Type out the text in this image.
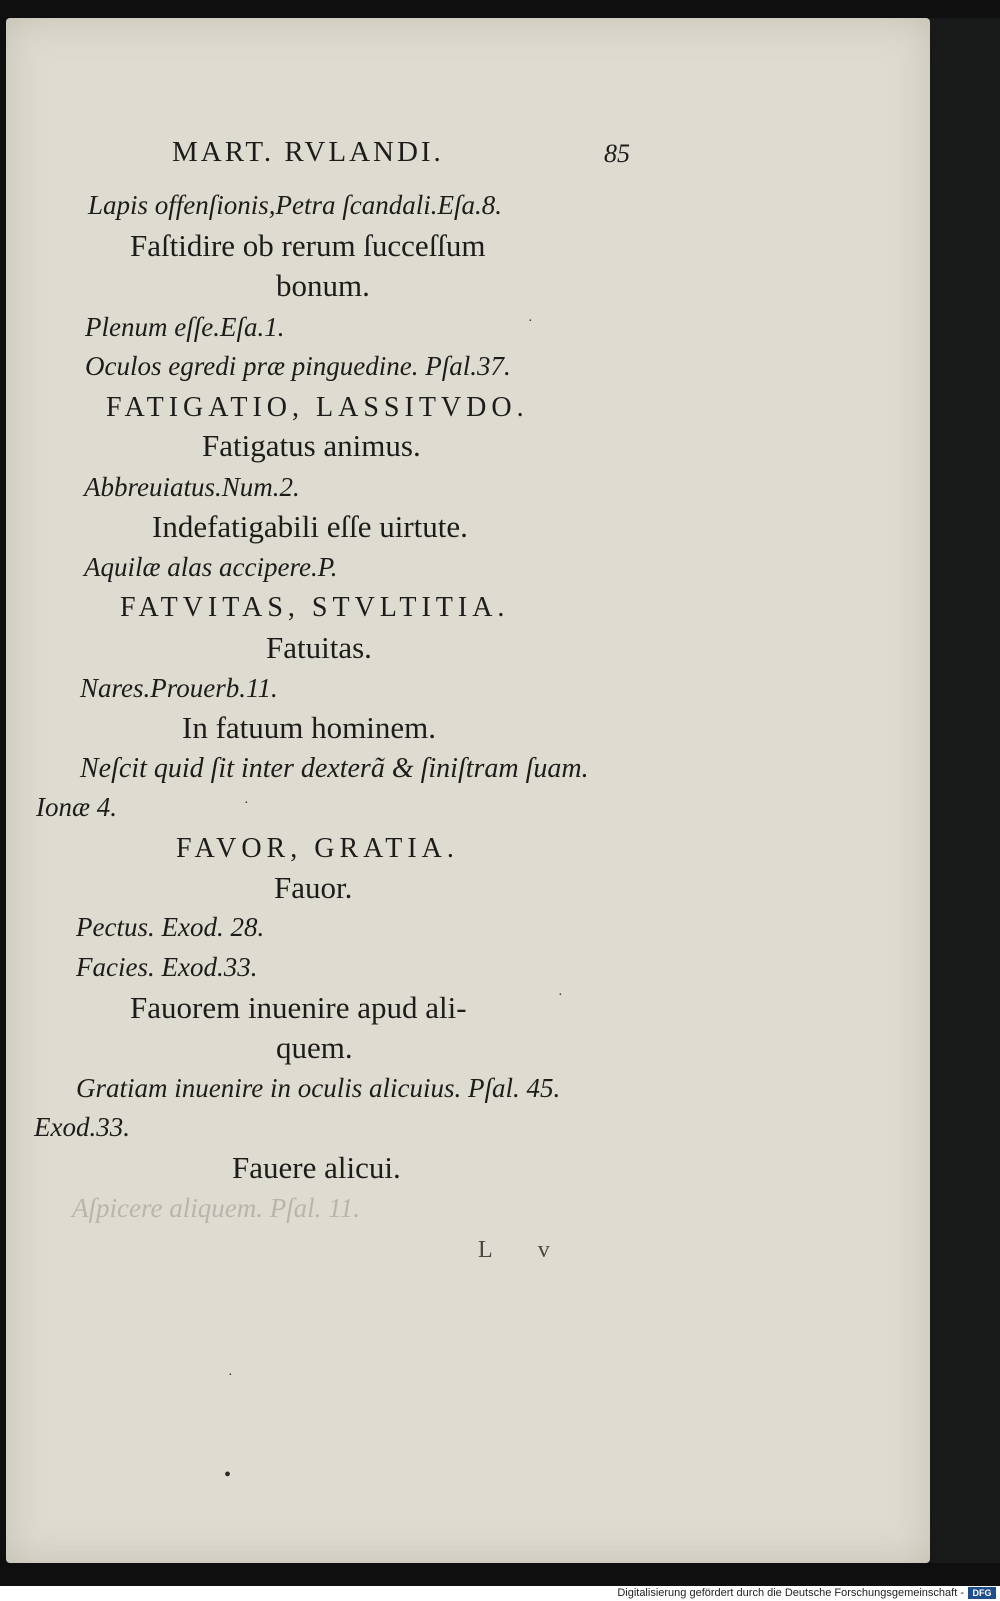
MART. RVLANDI.	85
Lapis offenſionis,Petra ſcandali.Eſa.8.
Faſtidire ob rerum ſucceſſum
bonum.
Plenum eſſe.Eſa.1.
Oculos egredi præ pinguedine. Pſal.37.
FATIGATIO, LASSITVDO.
Fatigatus animus.
Abbreuiatus.Num.2.
Indefatigabili eſſe uirtute.
Aquilæ alas accipere.P.
FATVITAS, STVLTITIA.
Fatuitas.
Nares.Prouerb.11.
In fatuum hominem.
Neſcit quid ſit inter dexterã & ſiniſtram ſuam.
Ionæ 4.
FAVOR, GRATIA.
Fauor.
Pectus. Exod. 28.
Facies. Exod.33.
Fauorem inuenire apud ali-
quem.
Gratiam inuenire in oculis alicuius. Pſal. 45.
Exod.33.
Fauere alicui.
Aſpicere aliquem. Pſal. 11.
L v
·
·
·
·
•
Digitalisierung gefördert durch die Deutsche Forschungsgemeinschaft - DFG
